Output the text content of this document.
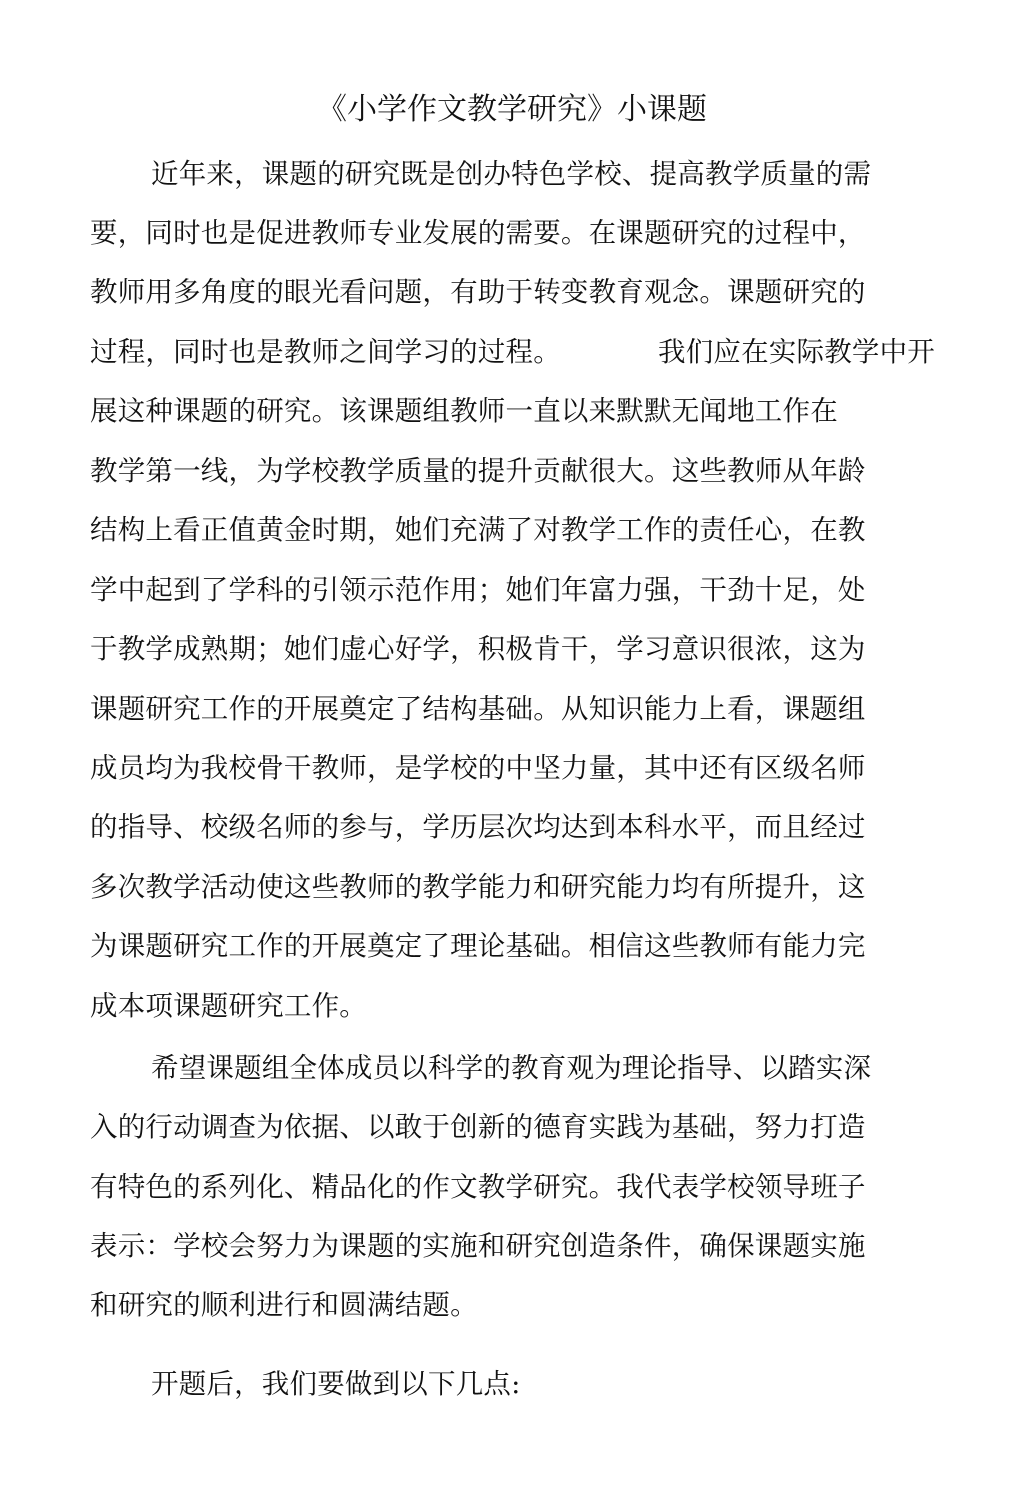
《小学作文教学研究》小课题
近年来，课题的研究既是创办特色学校、提高教学质量的需
要，同时也是促进教师专业发展的需要。在课题研究的过程中，
教师用多角度的眼光看问题，有助于转变教育观念。课题研究的
过程，同时也是教师之间学习的过程。	我们应在实际教学中开
展这种课题的研究。该课题组教师一直以来默默无闻地工作在
教学第一线，为学校教学质量的提升贡献很大。这些教师从年龄
结构上看正值黄金时期，她们充满了对教学工作的责任心，在教
学中起到了学科的引领示范作用；她们年富力强，干劲十足，处
于教学成熟期；她们虚心好学，积极肯干，学习意识很浓，这为
课题研究工作的开展奠定了结构基础。从知识能力上看，课题组
成员均为我校骨干教师，是学校的中坚力量，其中还有区级名师
的指导、校级名师的参与，学历层次均达到本科水平，而且经过
多次教学活动使这些教师的教学能力和研究能力均有所提升，这
为课题研究工作的开展奠定了理论基础。相信这些教师有能力完
成本项课题研究工作。
希望课题组全体成员以科学的教育观为理论指导、以踏实深
入的行动调查为依据、以敢于创新的德育实践为基础，努力打造
有特色的系列化、精品化的作文教学研究。我代表学校领导班子
表示：学校会努力为课题的实施和研究创造条件，确保课题实施
和研究的顺利进行和圆满结题。
开题后，我们要做到以下几点:
